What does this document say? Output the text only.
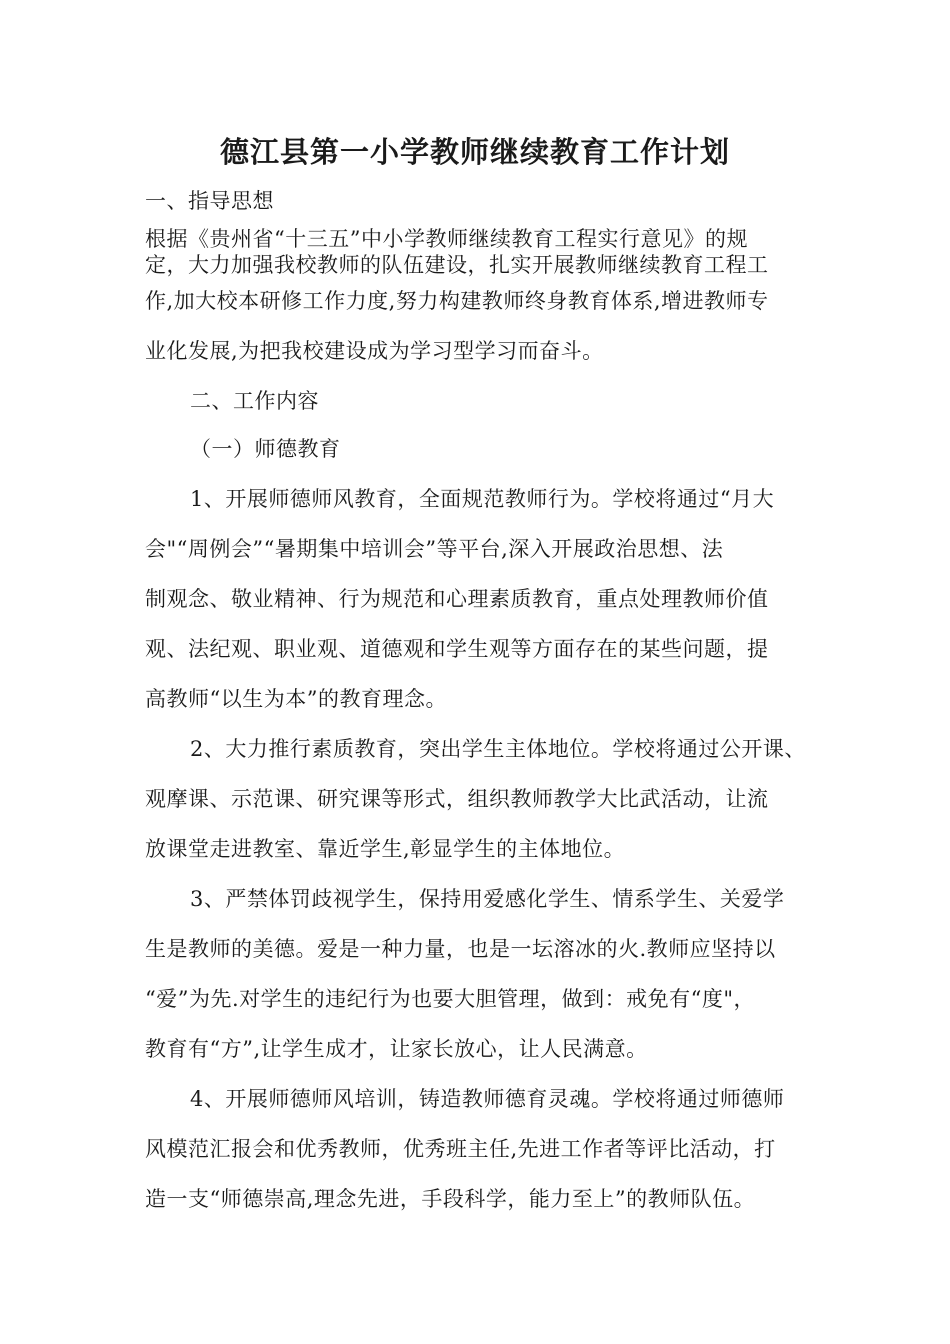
德江县第一小学教师继续教育工作计划
一、指导思想
根据《贵州省“十三五”中小学教师继续教育工程实行意见》的规
定，大力加强我校教师的队伍建设，扎实开展教师继续教育工程工
作,加大校本研修工作力度,努力构建教师终身教育体系,增进教师专
业化发展,为把我校建设成为学习型学习而奋斗。
二、工作内容
（一）师德教育
1、开展师德师风教育，全面规范教师行为。学校将通过“月大
会"“周例会”“暑期集中培训会”等平台,深入开展政治思想、法
制观念、敬业精神、行为规范和心理素质教育，重点处理教师价值
观、法纪观、职业观、道德观和学生观等方面存在的某些问题，提
高教师“以生为本”的教育理念。
2、大力推行素质教育，突出学生主体地位。学校将通过公开课、
观摩课、示范课、研究课等形式，组织教师教学大比武活动，让流
放课堂走进教室、靠近学生,彰显学生的主体地位。
3、严禁体罚歧视学生，保持用爱感化学生、情系学生、关爱学
生是教师的美德。爱是一种力量，也是一坛溶冰的火.教师应坚持以
“爱”为先.对学生的违纪行为也要大胆管理，做到：戒免有“度"，
教育有“方”,让学生成才，让家长放心，让人民满意。
4、开展师德师风培训，铸造教师德育灵魂。学校将通过师德师
风模范汇报会和优秀教师，优秀班主任,先进工作者等评比活动，打
造一支“师德崇高,理念先进，手段科学，能力至上”的教师队伍。
